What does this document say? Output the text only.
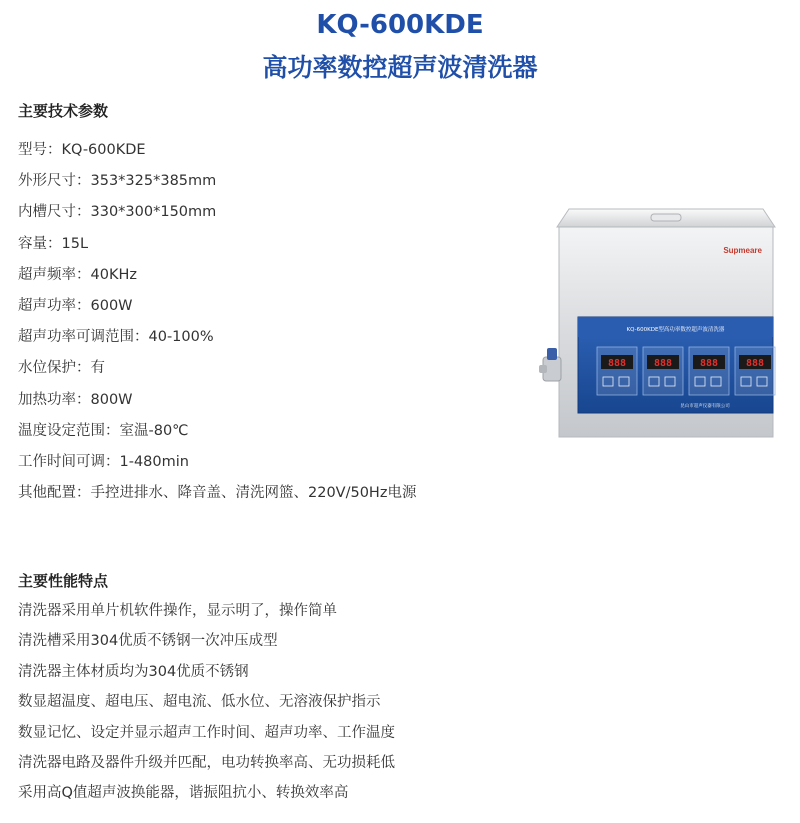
KQ-600KDE
高功率数控超声波清洗器
主要技术参数
型号：KQ-600KDE
外形尺寸：353*325*385mm
内槽尺寸：330*300*150mm
容量：15L
超声频率：40KHz
超声功率：600W
超声功率可调范围：40-100%
水位保护：有
加热功率：800W
温度设定范围：室温-80℃
工作时间可调：1-480min
其他配置：手控进排水、降音盖、清洗网篮、220V/50Hz电源
主要性能特点
清洗器采用单片机软件操作，显示明了，操作简单
清洗槽采用304优质不锈钢一次冲压成型
清洗器主体材质均为304优质不锈钢
数显超温度、超电压、超电流、低水位、无溶液保护指示
数显记忆、设定并显示超声工作时间、超声功率、工作温度
清洗器电路及器件升级并匹配，电功转换率高、无功损耗低
采用高Q值超声波换能器，谐振阻抗小、转换效率高
Supmeare
KQ-600KDE型高功率数控超声波清洗器
888	888	888	888
昆山市超声仪器有限公司
